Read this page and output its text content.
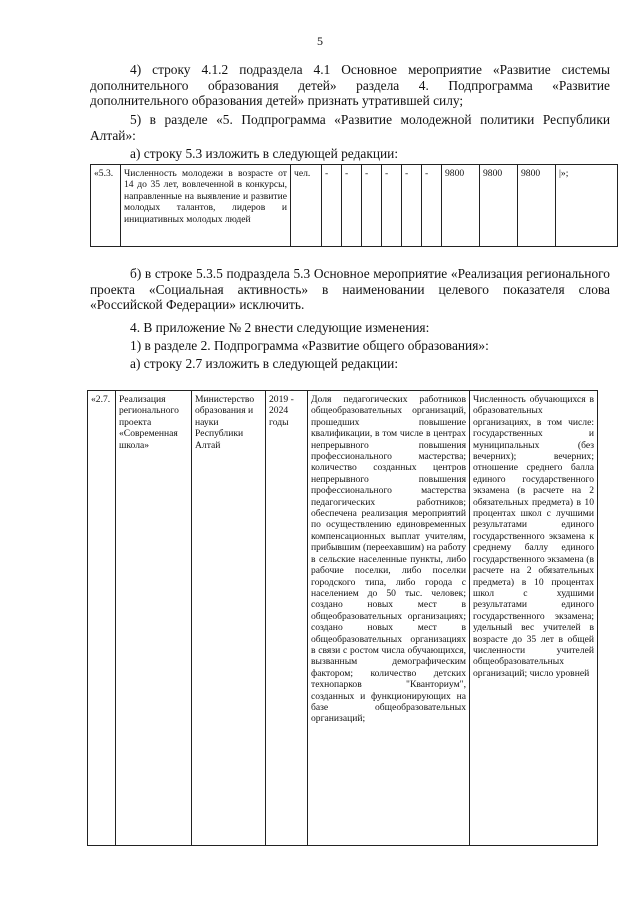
5

4) строку 4.1.2 подраздела 4.1 Основное мероприятие «Развитие системы дополнительного образования детей» раздела 4. Подпрограмма «Развитие дополнительного образования детей» признать утратившей силу;

5) в разделе «5. Подпрограмма «Развитие молодежной политики Республики Алтай»:

а) строку 5.3 изложить в следующей редакции:

«5.3.	Численность молодежи в возрасте от 14 до 35 лет, вовлеченной в конкурсы, направленные на выявление и развитие молодых талантов, лидеров и инициативных молодых людей	чел.	-	-	-	-	-	-	9800	9800	9800	|»;

б) в строке 5.3.5 подраздела 5.3 Основное мероприятие «Реализация регионального проекта «Социальная активность» в наименовании целевого показателя слова «Российской Федерации» исключить.

4. В приложение № 2 внести следующие изменения:

1) в разделе 2. Подпрограмма «Развитие общего образования»:

а) строку 2.7 изложить в следующей редакции:

«2.7.	Реализация регионального проекта «Современная школа»	Министерство образования и науки Республики Алтай	2019 - 2024 годы	Доля педагогических работников общеобразовательных организаций, прошедших повышение квалификации, в том числе в центрах непрерывного повышения профессионального мастерства; количество созданных центров непрерывного повышения профессионального мастерства педагогических работников; обеспечена реализация мероприятий по осуществлению единовременных компенсационных выплат учителям, прибывшим (переехавшим) на работу в сельские населенные пункты, либо рабочие поселки, либо поселки городского типа, либо города с населением до 50 тыс. человек; создано новых мест в общеобразовательных организациях; создано новых мест в общеобразовательных организациях в связи с ростом числа обучающихся, вызванным демографическим фактором; количество детских технопарков "Кванториум", созданных и функционирующих на базе общеобразовательных организаций;	Численность обучающихся в образовательных организациях, в том числе: государственных и муниципальных (без вечерних); вечерних; отношение среднего балла единого государственного экзамена (в расчете на 2 обязательных предмета) в 10 процентах школ с лучшими результатами единого государственного экзамена к среднему баллу единого государственного экзамена (в расчете на 2 обязательных предмета) в 10 процентах школ с худшими результатами единого государственного экзамена; удельный вес учителей в возрасте до 35 лет в общей численности учителей общеобразовательных организаций; число уровней
